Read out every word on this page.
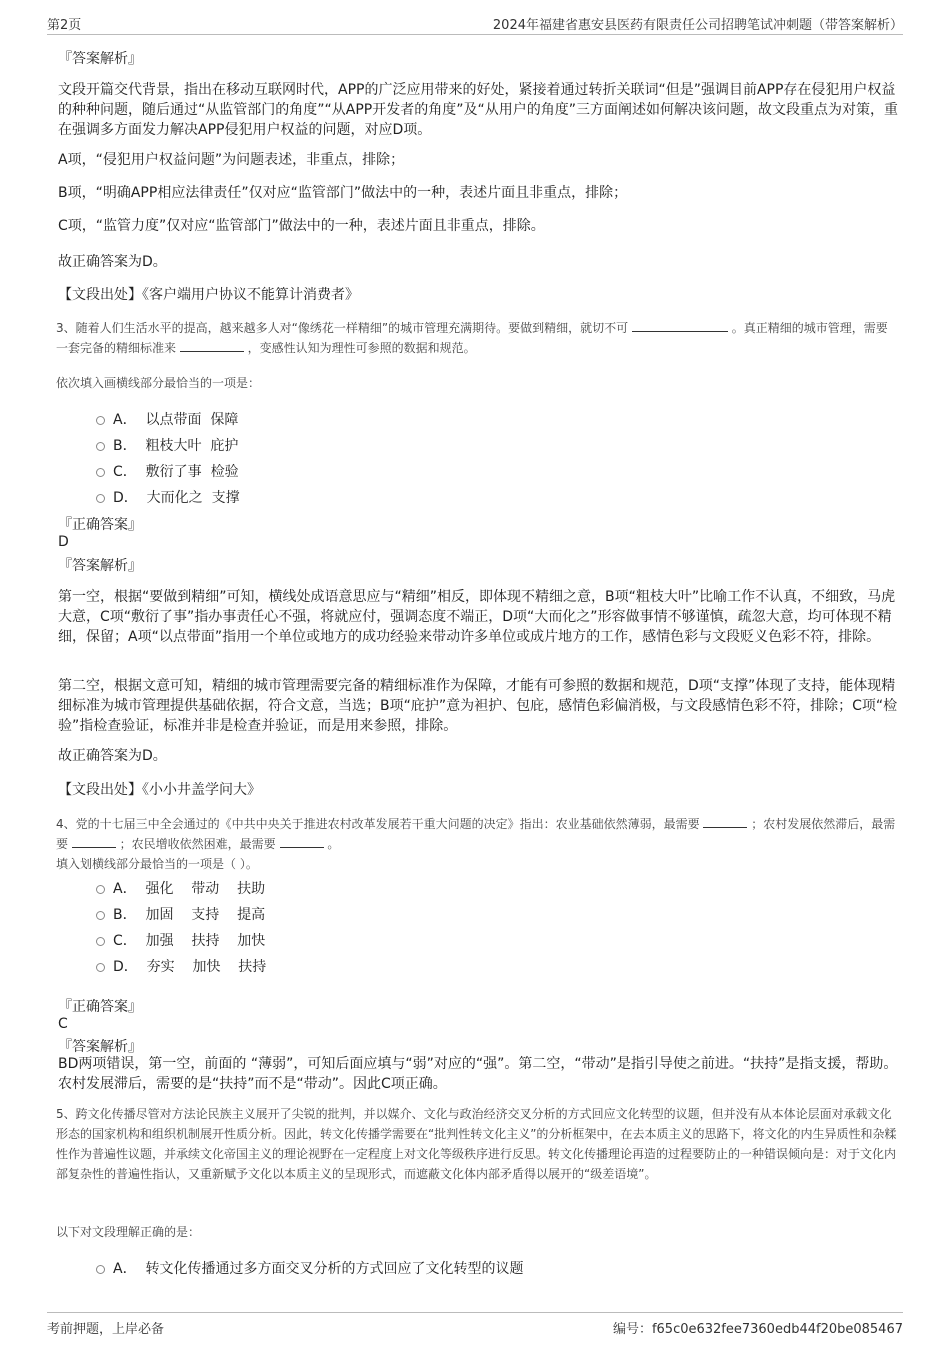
第2页	2024年福建省惠安县医药有限责任公司招聘笔试冲刺题（带答案解析）
『答案解析』
文段开篇交代背景，指出在移动互联网时代，APP的广泛应用带来的好处，紧接着通过转折关联词“但是”强调目前APP存在侵犯用户权益的种种问题，随后通过“从监管部门的角度”“从APP开发者的角度”及“从用户的角度”三方面阐述如何解决该问题，故文段重点为对策，重在强调多方面发力解决APP侵犯用户权益的问题，对应D项。
A项，“侵犯用户权益问题”为问题表述，非重点，排除；
B项，“明确APP相应法律责任”仅对应“监管部门”做法中的一种，表述片面且非重点，排除；
C项，“监管力度”仅对应“监管部门”做法中的一种，表述片面且非重点，排除。
故正确答案为D。
【文段出处】《客户端用户协议不能算计消费者》
3、随着人们生活水平的提高，越来越多人对“像绣花一样精细”的城市管理充满期待。要做到精细，就切不可	。真正精细的城市管理，需要一套完备的精细标准来	，变感性认知为理性可参照的数据和规范。
依次填入画横线部分最恰当的一项是：
A．  以点带面  保障
B．  粗枝大叶  庇护
C．  敷衍了事  检验
D．  大而化之  支撑
『正确答案』
D
『答案解析』
第一空，根据“要做到精细”可知，横线处成语意思应与“精细”相反，即体现不精细之意，B项“粗枝大叶”比喻工作不认真，不细致，马虎大意，C项“敷衍了事”指办事责任心不强，将就应付，强调态度不端正，D项“大而化之”形容做事情不够谨慎，疏忽大意，均可体现不精细，保留；A项“以点带面”指用一个单位或地方的成功经验来带动许多单位或成片地方的工作，感情色彩与文段贬义色彩不符，排除。
第二空，根据文意可知，精细的城市管理需要完备的精细标准作为保障，才能有可参照的数据和规范，D项“支撑”体现了支持，能体现精细标准为城市管理提供基础依据，符合文意，当选；B项“庇护”意为袒护、包庇，感情色彩偏消极，与文段感情色彩不符，排除；C项“检验”指检查验证，标准并非是检查并验证，而是用来参照，排除。
故正确答案为D。
【文段出处】《小小井盖学问大》
4、党的十七届三中全会通过的《中共中央关于推进农村改革发展若干重大问题的决定》指出：农业基础依然薄弱，最需要	；农村发展依然滞后，最需要	；农民增收依然困难，最需要	。
填入划横线部分最恰当的一项是（ ）。
A．  强化    带动    扶助
B．  加固    支持    提高
C．  加强    扶持    加快
D．  夯实    加快    扶持
『正确答案』
C
『答案解析』
BD两项错误，第一空，前面的 “薄弱”，可知后面应填与“弱”对应的“强”。第二空，“带动”是指引导使之前进。“扶持”是指支援，帮助。农村发展滞后，需要的是“扶持”而不是“带动”。因此C项正确。
5、跨文化传播尽管对方法论民族主义展开了尖锐的批判，并以媒介、文化与政治经济交叉分析的方式回应文化转型的议题，但并没有从本体论层面对承载文化形态的国家机构和组织机制展开性质分析。因此，转文化传播学需要在“批判性转文化主义”的分析框架中，在去本质主义的思路下，将文化的内生异质性和杂糅性作为普遍性议题，并承续文化帝国主义的理论视野在一定程度上对文化等级秩序进行反思。转文化传播理论再造的过程要防止的一种错误倾向是：对于文化内部复杂性的普遍性指认，又重新赋予文化以本质主义的呈现形式，而遮蔽文化体内部矛盾得以展开的“级差语境”。
以下对文段理解正确的是：
A．  转文化传播通过多方面交叉分析的方式回应了文化转型的议题
考前押题，上岸必备	编号：f65c0e632fee7360edb44f20be085467
